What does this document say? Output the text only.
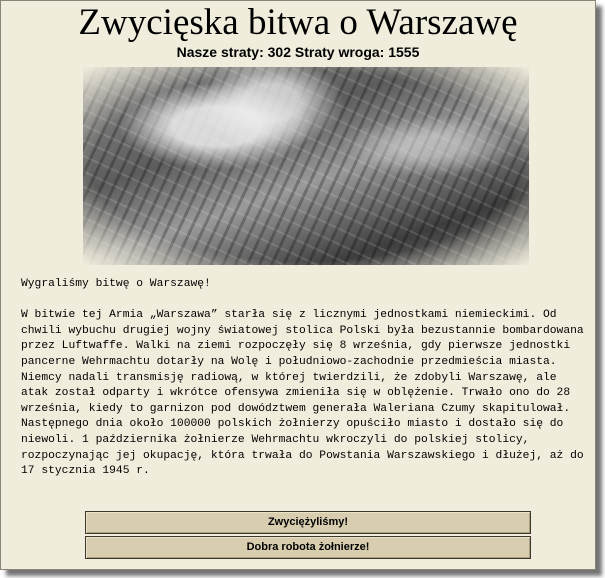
Zwycięska bitwa o Warszawę
Nasze straty: 302 Straty wroga: 1555

Wygraliśmy bitwę o Warszawę!

W bitwie tej Armia „Warszawa” starła się z licznymi jednostkami niemieckimi. Od chwili wybuchu drugiej wojny światowej stolica Polski była bezustannie bombardowana przez Luftwaffe. Walki na ziemi rozpoczęły się 8 września, gdy pierwsze jednostki pancerne Wehrmachtu dotarły na Wolę i południowo-zachodnie przedmieścia miasta. Niemcy nadali transmisję radiową, w której twierdzili, że zdobyli Warszawę, ale atak został odparty i wkrótce ofensywa zmieniła się w oblężenie. Trwało ono do 28 września, kiedy to garnizon pod dowództwem generała Waleriana Czumy skapitulował. Następnego dnia około 100000 polskich żołnierzy opuściło miasto i dostało się do niewoli. 1 października żołnierze Wehrmachtu wkroczyli do polskiej stolicy, rozpoczynając jej okupację, która trwała do Powstania Warszawskiego i dłużej, aż do 17 stycznia 1945 r.

Zwyciężyliśmy!
Dobra robota żołnierze!
